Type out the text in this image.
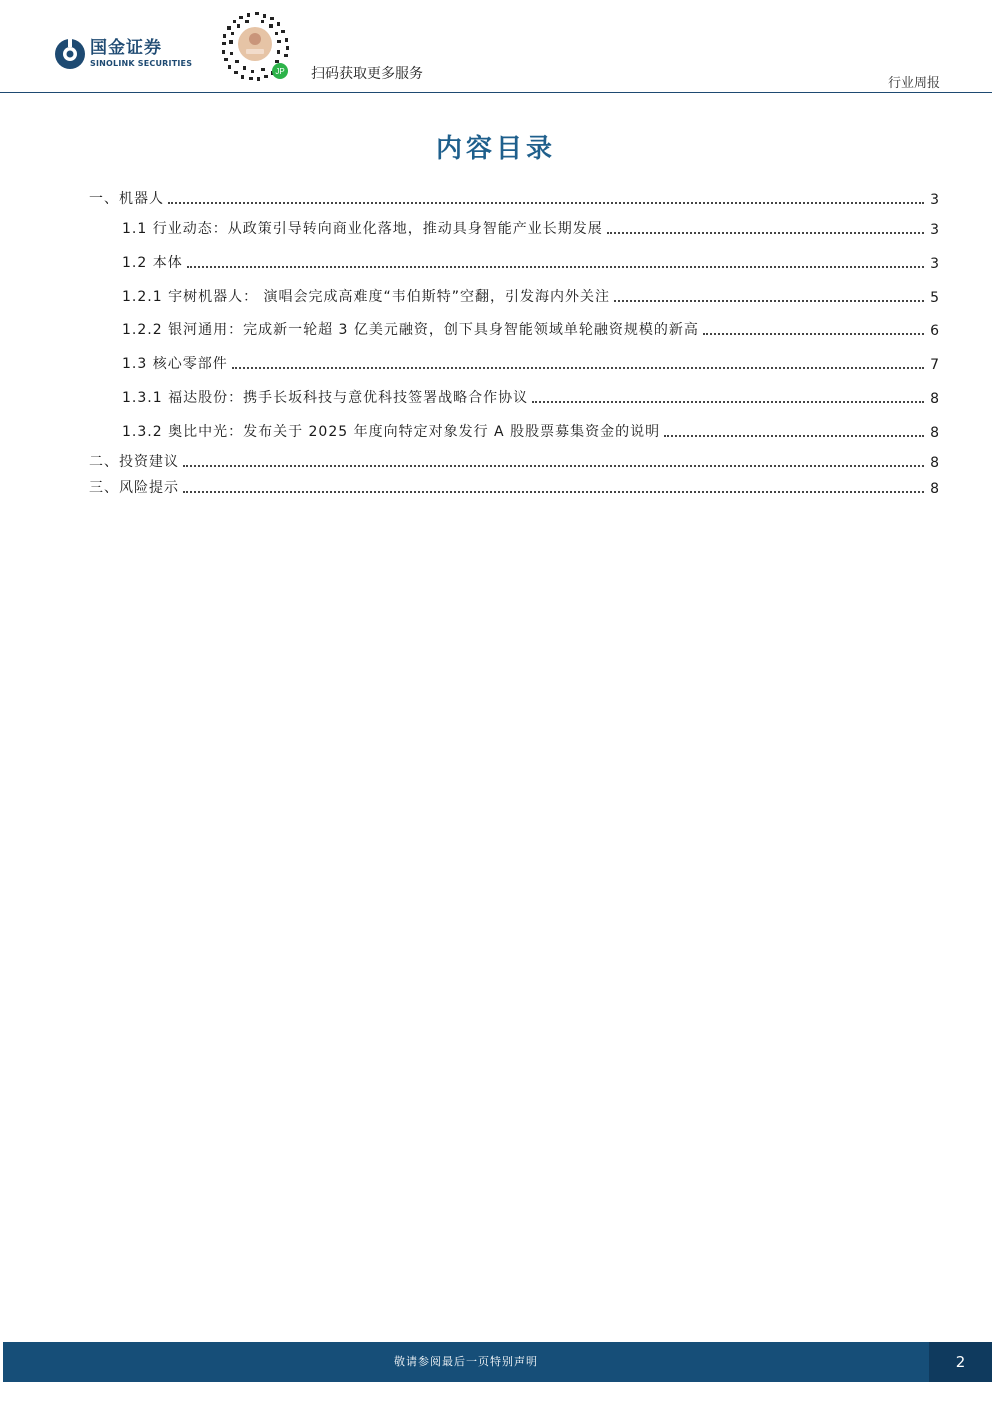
国金证券
SINOLINK SECURITIES
JP 扫码获取更多服务
行业周报
内容目录
一、机器人	3
1.1 行业动态：从政策引导转向商业化落地，推动具身智能产业长期发展	3
1.2 本体	3
1.2.1 宇树机器人： 演唱会完成高难度“韦伯斯特”空翻，引发海内外关注	5
1.2.2 银河通用：完成新一轮超 3 亿美元融资，创下具身智能领域单轮融资规模的新高	6
1.3 核心零部件	7
1.3.1 福达股份：携手长坂科技与意优科技签署战略合作协议	8
1.3.2 奥比中光：发布关于 2025 年度向特定对象发行 A 股股票募集资金的说明	8
二、投资建议	8
三、风险提示	8
敬请参阅最后一页特别声明	2
